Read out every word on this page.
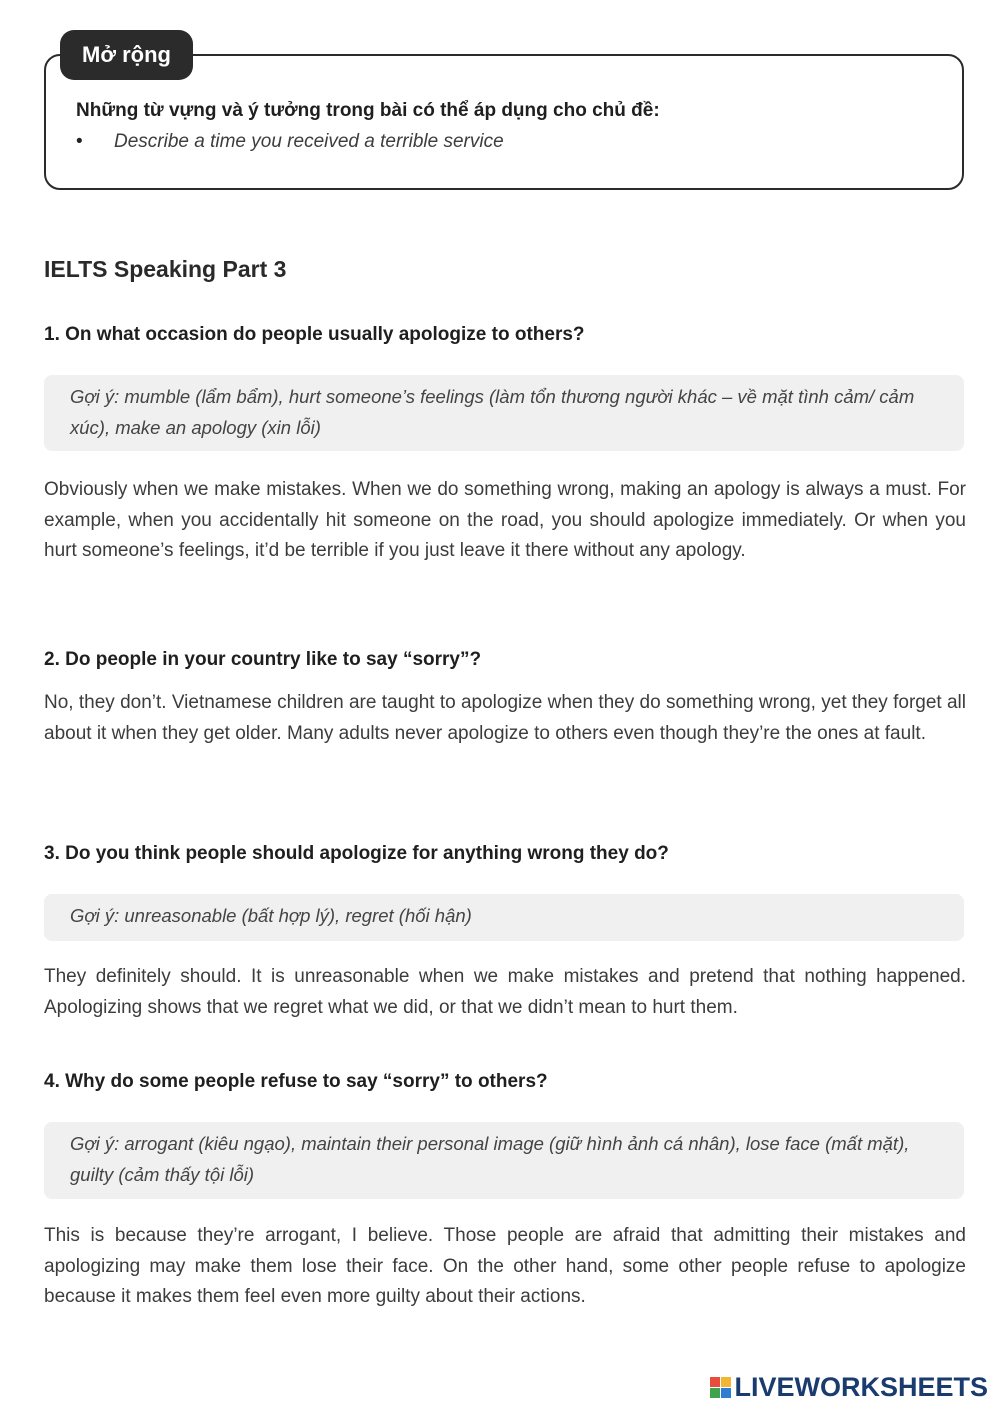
Mở rộng
Những từ vựng và ý tưởng trong bài có thể áp dụng cho chủ đề:
• Describe a time you received a terrible service
IELTS Speaking Part 3
1. On what occasion do people usually apologize to others?
Gợi ý: mumble (lẩm bẩm), hurt someone’s feelings (làm tổn thương người khác – về mặt tình cảm/ cảm xúc), make an apology (xin lỗi)

Obviously when we make mistakes. When we do something wrong, making an apology is always a must. For example, when you accidentally hit someone on the road, you should apologize immediately. Or when you hurt someone’s feelings, it’d be terrible if you just leave it there without any apology.

2. Do people in your country like to say “sorry”?

No, they don’t. Vietnamese children are taught to apologize when they do something wrong, yet they forget all about it when they get older. Many adults never apologize to others even though they’re the ones at fault.

3. Do you think people should apologize for anything wrong they do?
Gợi ý: unreasonable (bất hợp lý), regret (hối hận)

They definitely should. It is unreasonable when we make mistakes and pretend that nothing happened. Apologizing shows that we regret what we did, or that we didn’t mean to hurt them.

4. Why do some people refuse to say “sorry” to others?
Gợi ý: arrogant (kiêu ngạo), maintain their personal image (giữ hình ảnh cá nhân), lose face (mất mặt), guilty (cảm thấy tội lỗi)

This is because they’re arrogant, I believe. Those people are afraid that admitting their mistakes and apologizing may make them lose their face. On the other hand, some other people refuse to apologize because it makes them feel even more guilty about their actions.

LIVEWORKSHEETS
